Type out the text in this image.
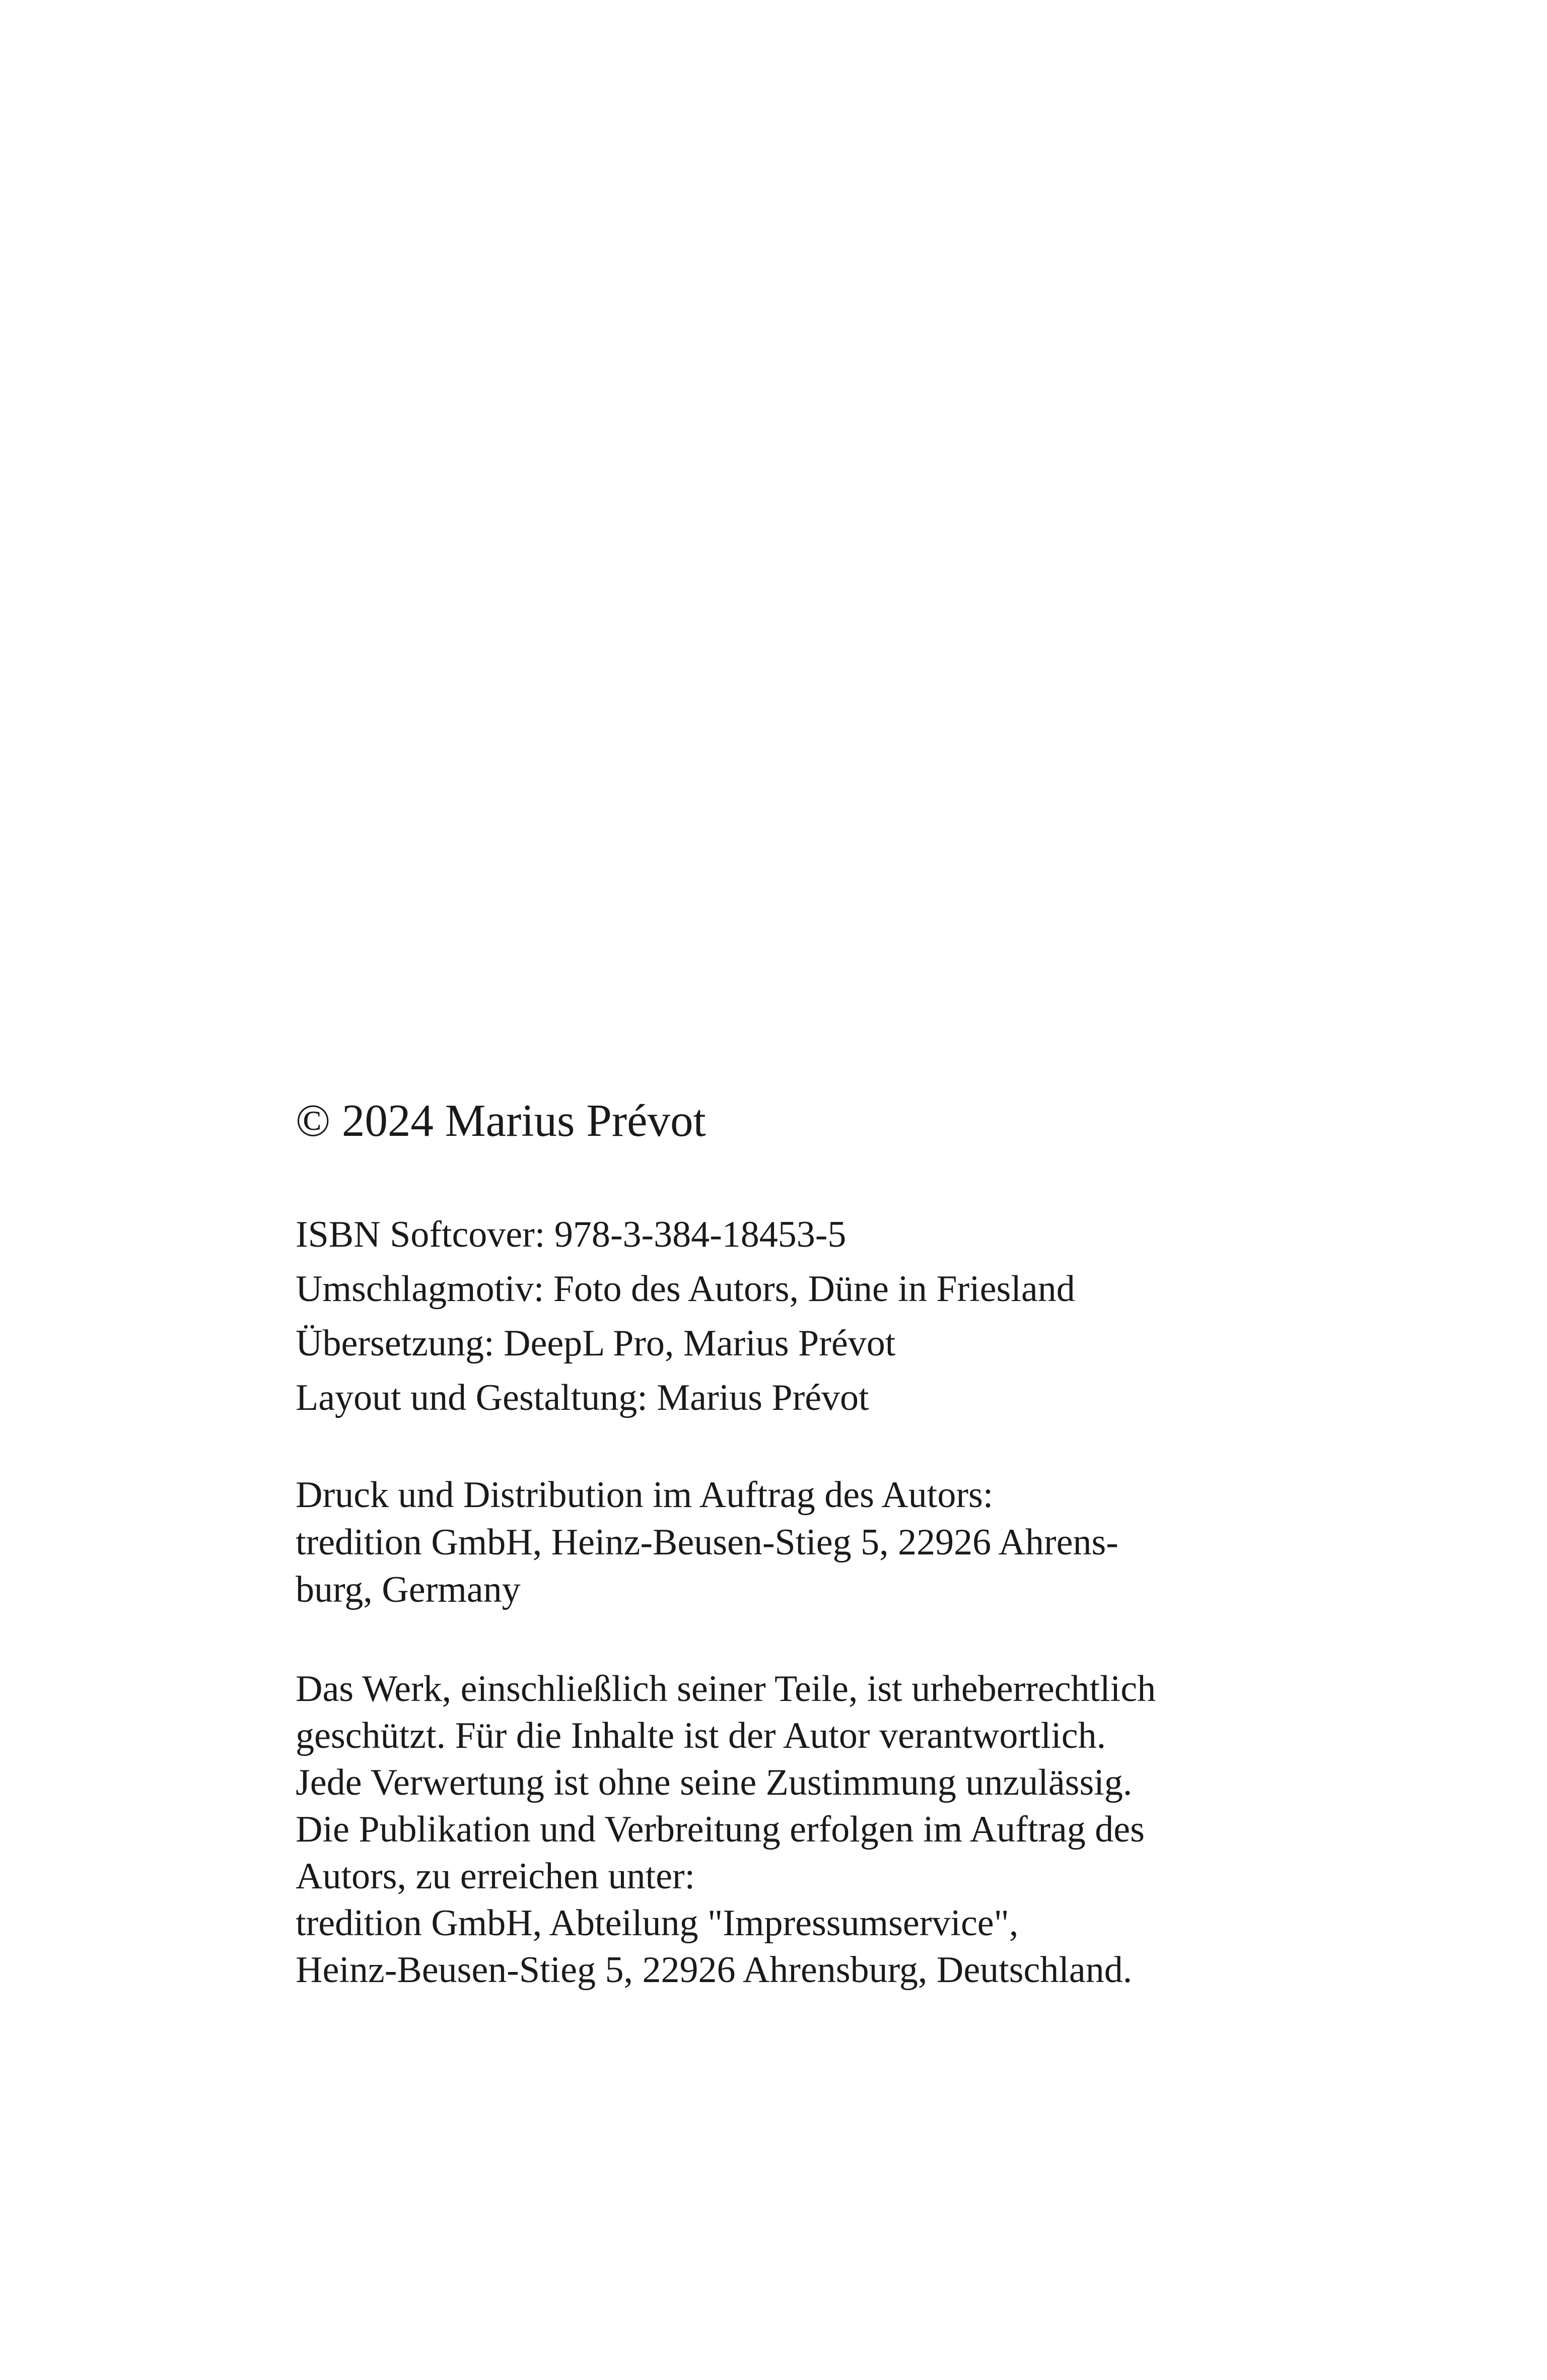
© 2024 Marius Prévot

ISBN Softcover: 978-3-384-18453-5
Umschlagmotiv: Foto des Autors, Düne in Friesland
Übersetzung: DeepL Pro, Marius Prévot
Layout und Gestaltung: Marius Prévot
Druck und Distribution im Auftrag des Autors:
tredition GmbH, Heinz-Beusen-Stieg 5, 22926 Ahrens-
burg, Germany
Das Werk, einschließlich seiner Teile, ist urheberrechtlich
geschützt. Für die Inhalte ist der Autor verantwortlich.
Jede Verwertung ist ohne seine Zustimmung unzulässig.
Die Publikation und Verbreitung erfolgen im Auftrag des
Autors, zu erreichen unter:
tredition GmbH, Abteilung "Impressumservice",
Heinz-Beusen-Stieg 5, 22926 Ahrensburg, Deutschland.
